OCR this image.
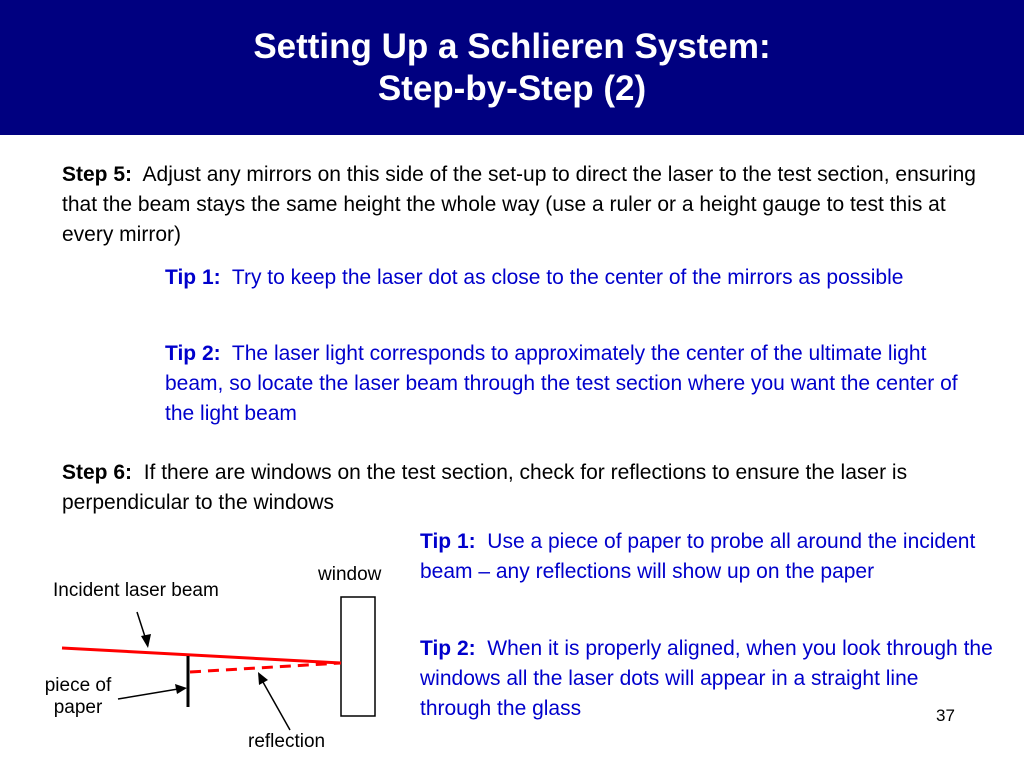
Setting Up a Schlieren System:
Step-by-Step (2)
Step 5: Adjust any mirrors on this side of the set-up to direct the laser to the test section, ensuring that the beam stays the same height the whole way (use a ruler or a height gauge to test this at every mirror)
Tip 1: Try to keep the laser dot as close to the center of the mirrors as possible
Tip 2: The laser light corresponds to approximately the center of the ultimate light beam, so locate the laser beam through the test section where you want the center of the light beam
Step 6: If there are windows on the test section, check for reflections to ensure the laser is perpendicular to the windows
Tip 1: Use a piece of paper to probe all around the incident beam – any reflections will show up on the paper
Tip 2: When it is properly aligned, when you look through the windows all the laser dots will appear in a straight line through the glass
window
Incident laser beam
piece of
paper
reflection
37
